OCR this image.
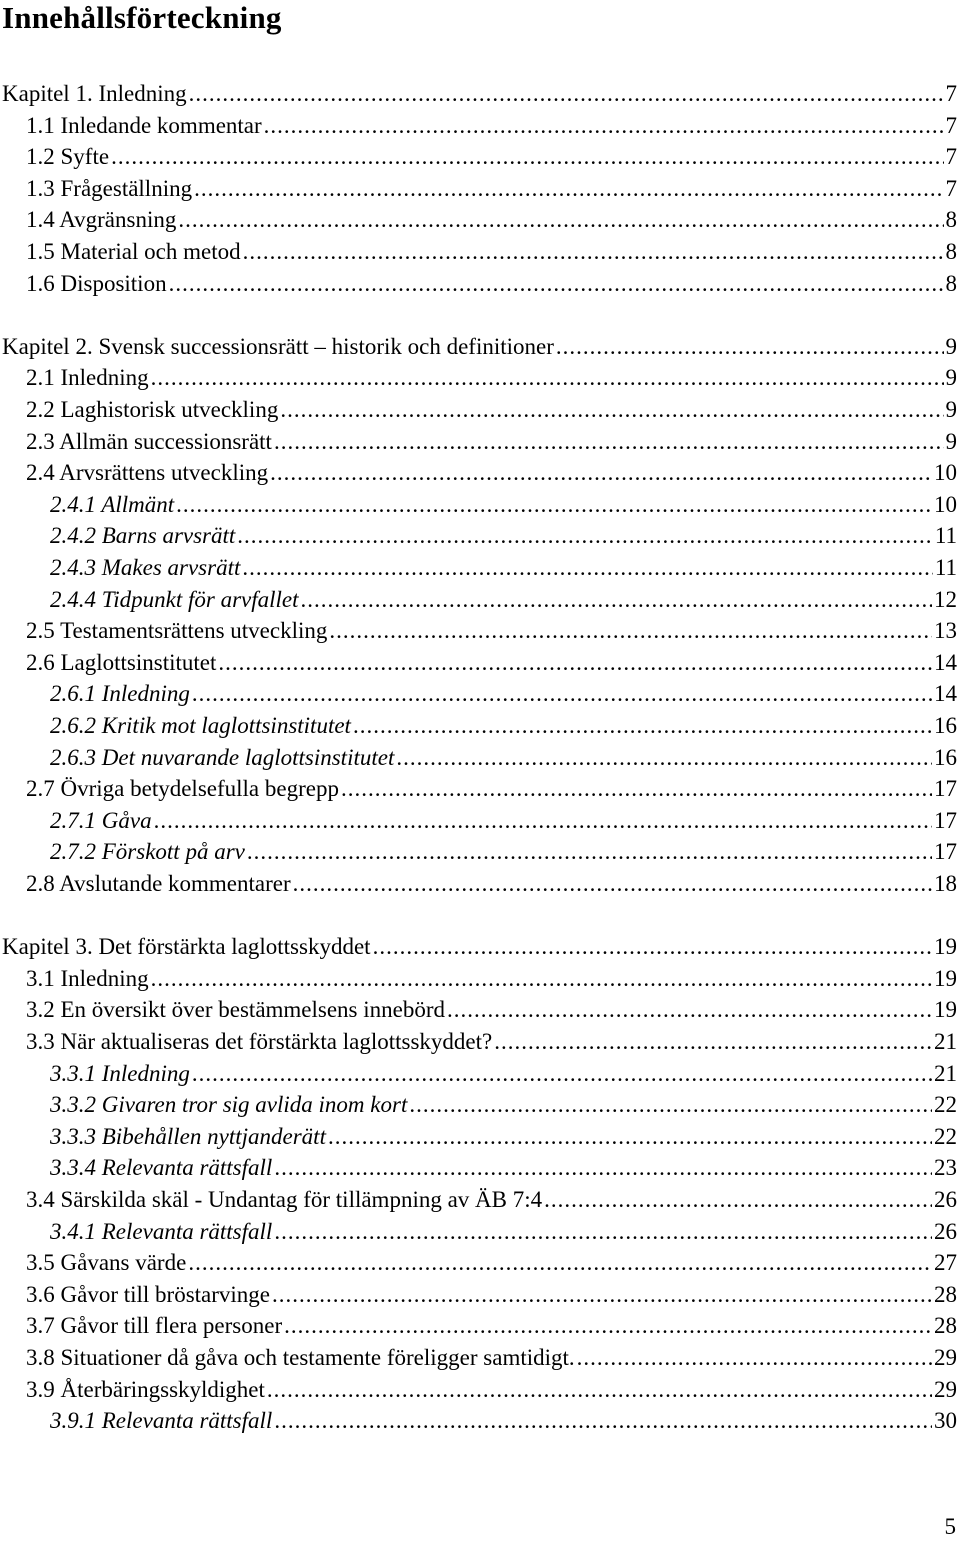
Innehållsförteckning
Kapitel 1. Inledning .....	7
1.1 Inledande kommentar .....	7
1.2 Syfte .....	7
1.3 Frågeställning .....	7
1.4 Avgränsning .....	8
1.5 Material och metod .....	8
1.6 Disposition .....	8
Kapitel 2. Svensk successionsrätt – historik och definitioner .....	9
2.1 Inledning .....	9
2.2 Laghistorisk utveckling .....	9
2.3 Allmän successionsrätt .....	9
2.4 Arvsrättens utveckling .....	10
2.4.1 Allmänt .....	10
2.4.2 Barns arvsrätt .....	11
2.4.3 Makes arvsrätt .....	11
2.4.4 Tidpunkt för arvfallet .....	12
2.5 Testamentsrättens utveckling .....	13
2.6 Laglottsinstitutet .....	14
2.6.1 Inledning .....	14
2.6.2 Kritik mot laglottsinstitutet .....	16
2.6.3 Det nuvarande laglottsinstitutet .....	16
2.7 Övriga betydelsefulla begrepp .....	17
2.7.1 Gåva .....	17
2.7.2 Förskott på arv .....	17
2.8 Avslutande kommentarer .....	18
Kapitel 3. Det förstärkta laglottsskyddet .....	19
3.1 Inledning .....	19
3.2 En översikt över bestämmelsens innebörd .....	19
3.3 När aktualiseras det förstärkta laglottsskyddet? .....	21
3.3.1 Inledning .....	21
3.3.2 Givaren tror sig avlida inom kort .....	22
3.3.3 Bibehållen nyttjanderätt .....	22
3.3.4 Relevanta rättsfall .....	23
3.4 Särskilda skäl - Undantag för tillämpning av ÄB 7:4 .....	26
3.4.1 Relevanta rättsfall .....	26
3.5 Gåvans värde .....	27
3.6 Gåvor till bröstarvinge .....	28
3.7 Gåvor till flera personer .....	28
3.8 Situationer då gåva och testamente föreligger samtidigt. .....	29
3.9 Återbäringsskyldighet .....	29
3.9.1 Relevanta rättsfall .....	30
5
